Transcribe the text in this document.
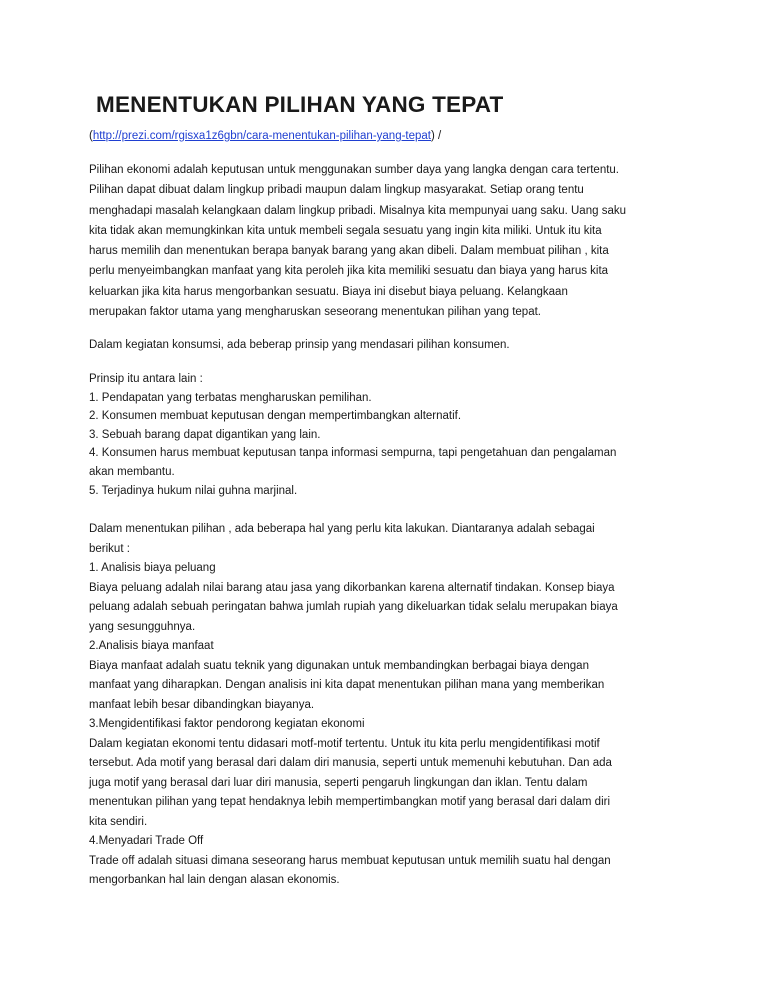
MENENTUKAN PILIHAN YANG TEPAT

(http://prezi.com/rgisxa1z6gbn/cara-menentukan-pilihan-yang-tepat) /

Pilihan ekonomi adalah keputusan untuk menggunakan sumber daya yang langka dengan cara tertentu.
Pilihan dapat dibuat dalam lingkup pribadi maupun dalam lingkup masyarakat. Setiap orang tentu
menghadapi masalah kelangkaan dalam lingkup pribadi. Misalnya kita mempunyai uang saku. Uang saku
kita tidak akan memungkinkan kita untuk membeli segala sesuatu yang ingin kita miliki. Untuk itu kita
harus memilih dan menentukan berapa banyak barang yang akan dibeli. Dalam membuat pilihan , kita
perlu menyeimbangkan manfaat yang kita peroleh jika kita memiliki sesuatu dan biaya yang harus kita
keluarkan jika kita harus mengorbankan sesuatu. Biaya ini disebut biaya peluang. Kelangkaan
merupakan faktor utama yang mengharuskan seseorang menentukan pilihan yang tepat.

Dalam kegiatan konsumsi, ada beberap prinsip yang mendasari pilihan konsumen.

Prinsip itu antara lain :
1. Pendapatan yang terbatas mengharuskan pemilihan.
2. Konsumen membuat keputusan dengan mempertimbangkan alternatif.
3. Sebuah barang dapat digantikan yang lain.
4. Konsumen harus membuat keputusan tanpa informasi sempurna, tapi pengetahuan dan pengalaman
akan membantu.
5. Terjadinya hukum nilai guhna marjinal.

Dalam menentukan pilihan , ada beberapa hal yang perlu kita lakukan. Diantaranya adalah sebagai
berikut :
1. Analisis biaya peluang
Biaya peluang adalah nilai barang atau jasa yang dikorbankan karena alternatif tindakan. Konsep biaya
peluang adalah sebuah peringatan bahwa jumlah rupiah yang dikeluarkan tidak selalu merupakan biaya
yang sesungguhnya.
2.Analisis biaya manfaat
Biaya manfaat adalah suatu teknik yang digunakan untuk membandingkan berbagai biaya dengan
manfaat yang diharapkan. Dengan analisis ini kita dapat menentukan pilihan mana yang memberikan
manfaat lebih besar dibandingkan biayanya.
3.Mengidentifikasi faktor pendorong kegiatan ekonomi
Dalam kegiatan ekonomi tentu didasari motf-motif tertentu. Untuk itu kita perlu mengidentifikasi motif
tersebut. Ada motif yang berasal dari dalam diri manusia, seperti untuk memenuhi kebutuhan. Dan ada
juga motif yang berasal dari luar diri manusia, seperti pengaruh lingkungan dan iklan. Tentu dalam
menentukan pilihan yang tepat hendaknya lebih mempertimbangkan motif yang berasal dari dalam diri
kita sendiri.
4.Menyadari Trade Off
Trade off adalah situasi dimana seseorang harus membuat keputusan untuk memilih suatu hal dengan
mengorbankan hal lain dengan alasan ekonomis.
